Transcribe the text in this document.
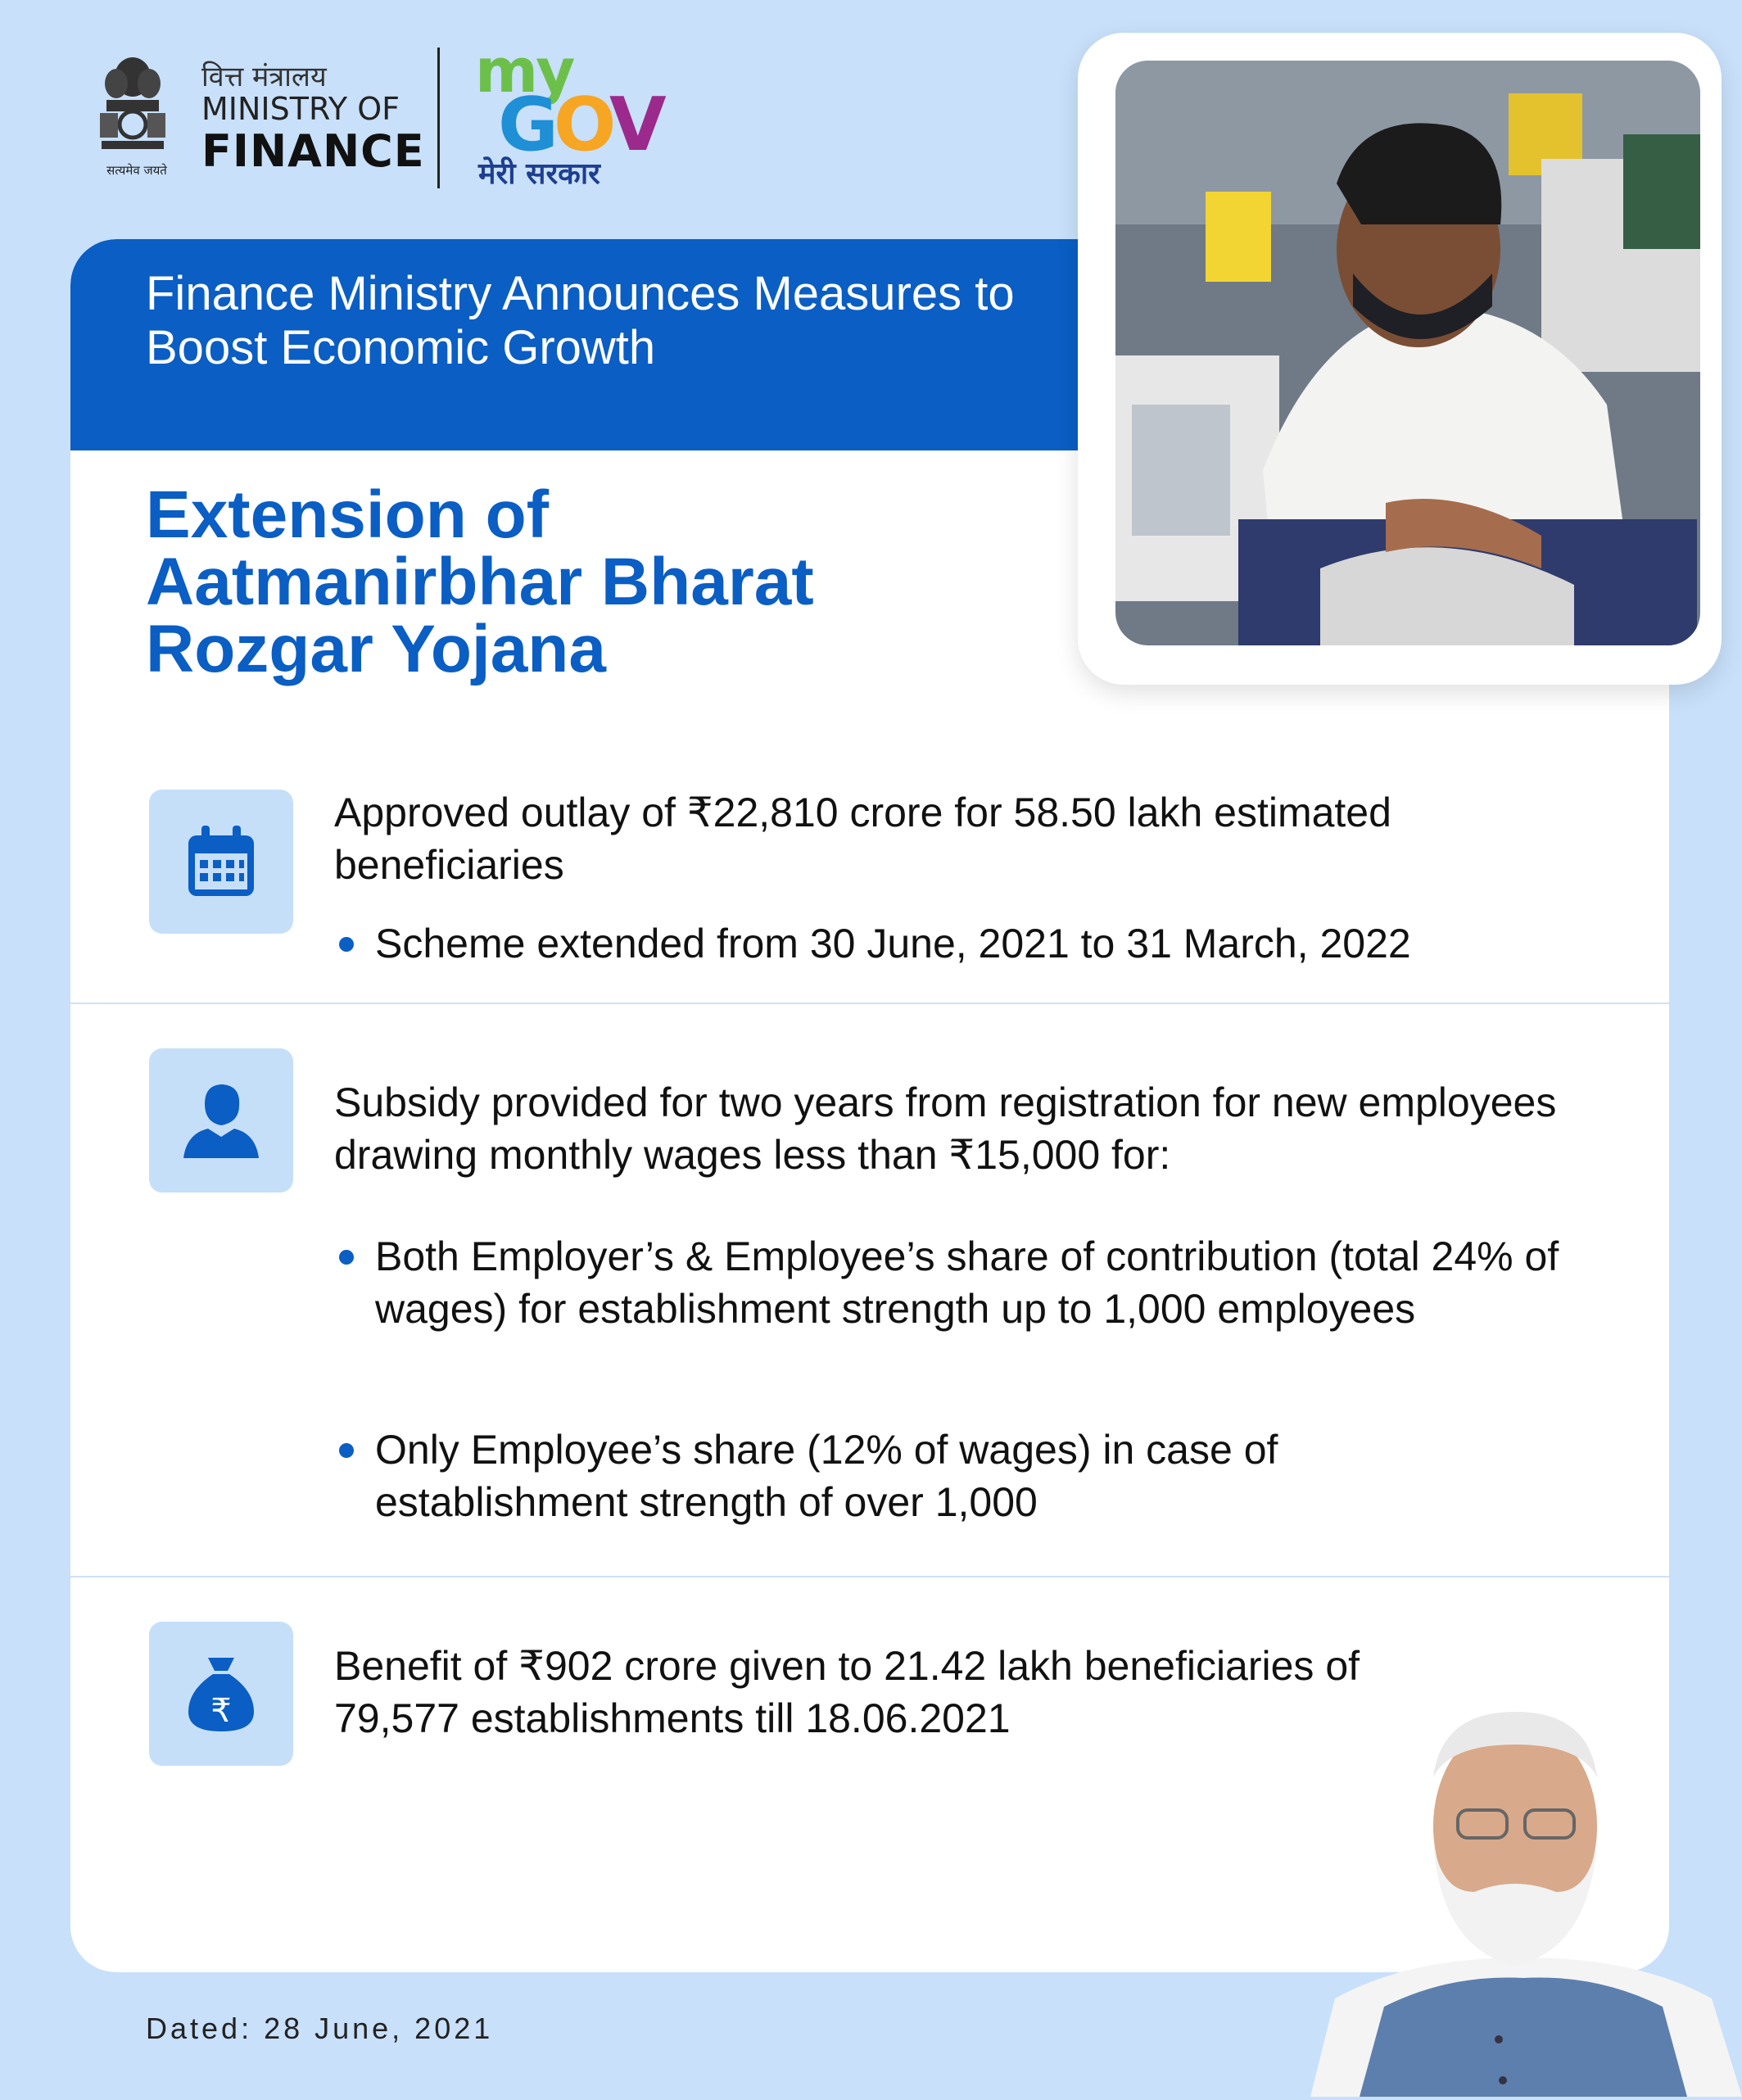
सत्यमेव जयते
वित्त मंत्रालय
MINISTRY OF
FINANCE
my
GOV
मेरी सरकार
Finance Ministry Announces Measures to Boost Economic Growth
Extension of
Aatmanirbhar Bharat
Rozgar Yojana
Approved outlay of ₹22,810 crore for 58.50 lakh estimated beneficiaries
Scheme extended from 30 June, 2021 to 31 March, 2022
Subsidy provided for two years from registration for new employees drawing monthly wages less than ₹15,000 for:
Both Employer’s & Employee’s share of contribution (total 24% of wages) for establishment strength up to 1,000 employees
Only Employee’s share (12% of wages) in case of establishment strength of over 1,000
₹
Benefit of ₹902 crore given to 21.42 lakh beneficiaries of 79,577 establishments till 18.06.2021
Dated: 28 June, 2021
